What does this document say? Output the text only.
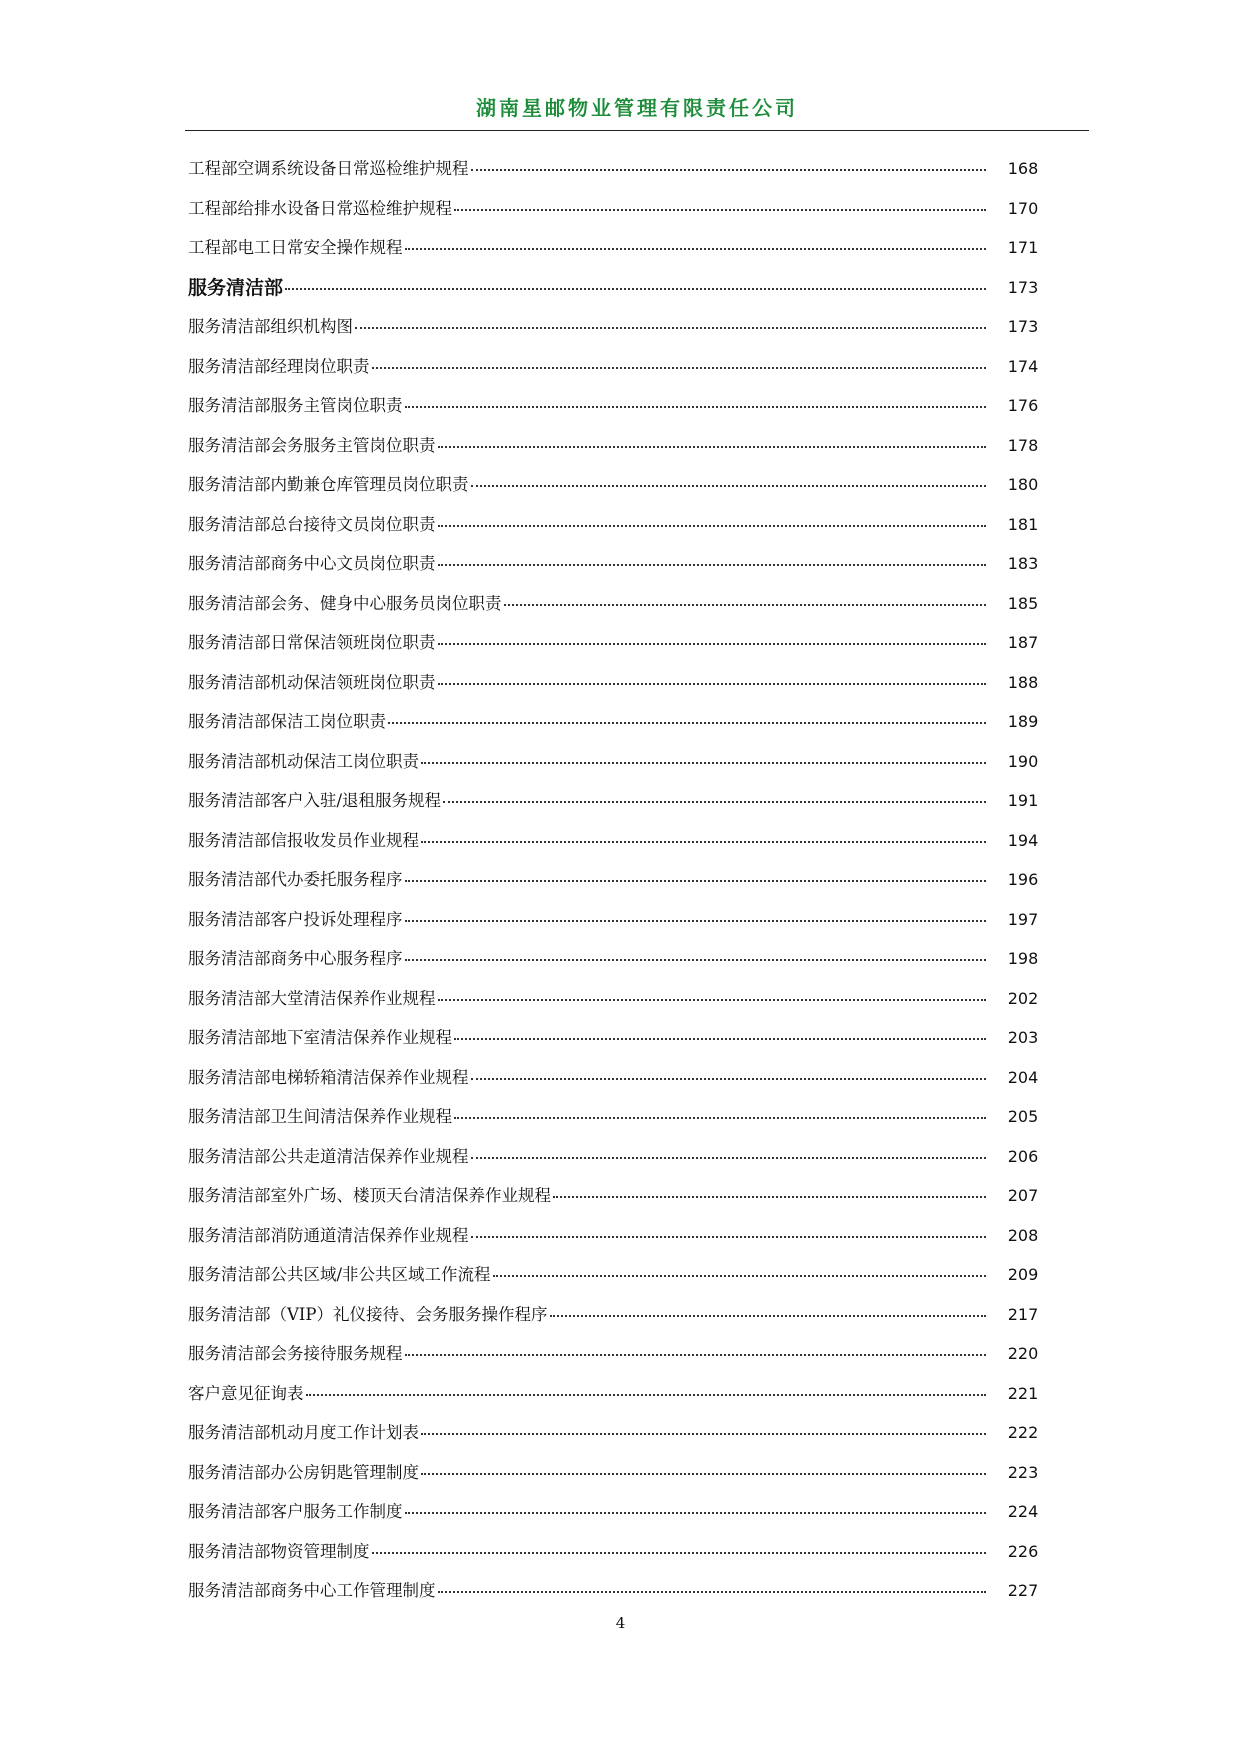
湖南星邮物业管理有限责任公司
工程部空调系统设备日常巡检维护规程	168
工程部给排水设备日常巡检维护规程	170
工程部电工日常安全操作规程	171
服务清洁部	173
服务清洁部组织机构图	173
服务清洁部经理岗位职责	174
服务清洁部服务主管岗位职责	176
服务清洁部会务服务主管岗位职责	178
服务清洁部内勤兼仓库管理员岗位职责	180
服务清洁部总台接待文员岗位职责	181
服务清洁部商务中心文员岗位职责	183
服务清洁部会务、健身中心服务员岗位职责	185
服务清洁部日常保洁领班岗位职责	187
服务清洁部机动保洁领班岗位职责	188
服务清洁部保洁工岗位职责	189
服务清洁部机动保洁工岗位职责	190
服务清洁部客户入驻/退租服务规程	191
服务清洁部信报收发员作业规程	194
服务清洁部代办委托服务程序	196
服务清洁部客户投诉处理程序	197
服务清洁部商务中心服务程序	198
服务清洁部大堂清洁保养作业规程	202
服务清洁部地下室清洁保养作业规程	203
服务清洁部电梯轿箱清洁保养作业规程	204
服务清洁部卫生间清洁保养作业规程	205
服务清洁部公共走道清洁保养作业规程	206
服务清洁部室外广场、楼顶天台清洁保养作业规程	207
服务清洁部消防通道清洁保养作业规程	208
服务清洁部公共区域/非公共区域工作流程	209
服务清洁部（VIP）礼仪接待、会务服务操作程序	217
服务清洁部会务接待服务规程	220
客户意见征询表	221
服务清洁部机动月度工作计划表	222
服务清洁部办公房钥匙管理制度	223
服务清洁部客户服务工作制度	224
服务清洁部物资管理制度	226
服务清洁部商务中心工作管理制度	227
4
